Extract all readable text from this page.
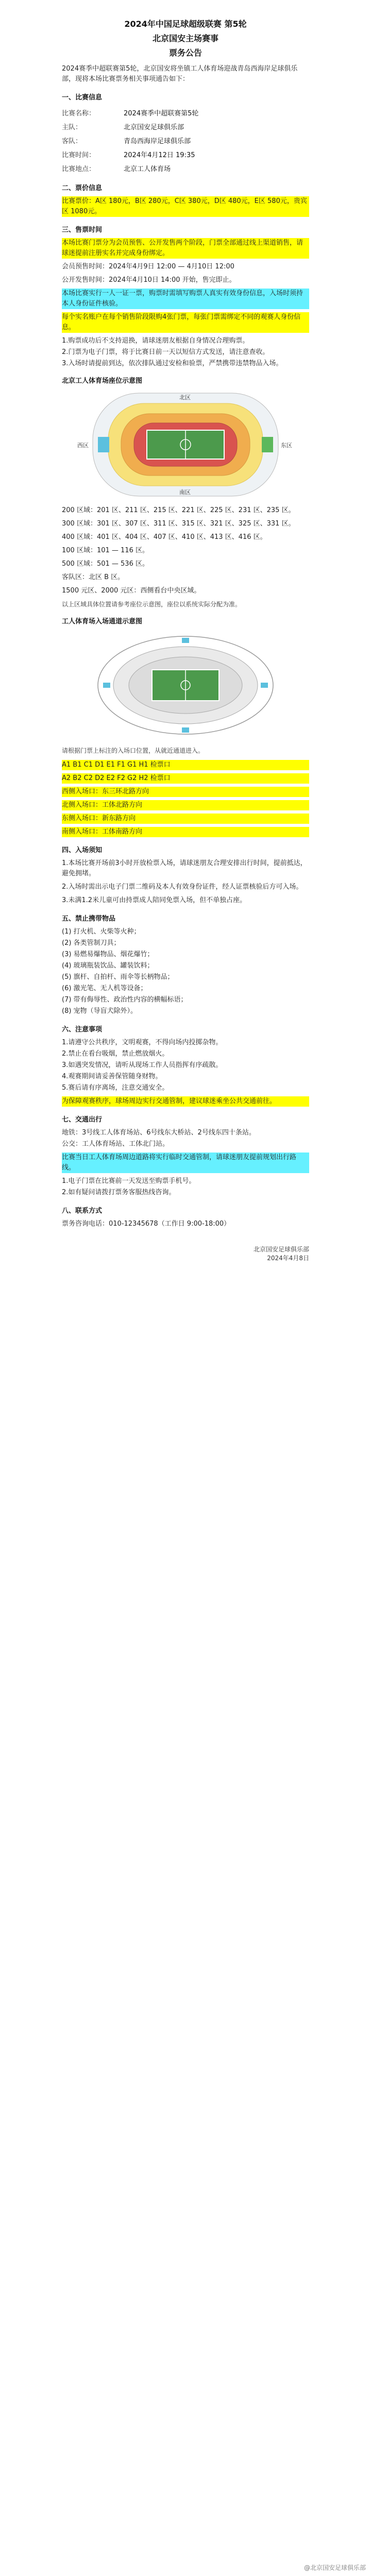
2024年中国足球超级联赛 第5轮
北京国安主场赛事
票务公告

2024赛季中超联赛第5轮，北京国安将坐镇工人体育场迎战青岛西海岸足球俱乐部，现将本场比赛票务相关事项通告如下：

一、比赛信息
比赛名称：	2024赛季中超联赛第5轮
主队：	北京国安足球俱乐部
客队：	青岛西海岸足球俱乐部
比赛时间：	2024年4月12日 19:35
比赛地点：	北京工人体育场
二、票价信息

比赛票价：A区 180元，B区 280元，C区 380元，D区 480元，E区 580元，贵宾区 1080元。

三、售票时间

本场比赛门票分为会员预售、公开发售两个阶段，门票全部通过线上渠道销售，请球迷提前注册实名并完成身份绑定。

会员预售时间：2024年4月9日 12:00 — 4月10日 12:00

公开发售时间：2024年4月10日 14:00 开始，售完即止。

本场比赛实行一人一证一票，购票时需填写购票人真实有效身份信息，入场时须持本人身份证件核验。

每个实名账户在每个销售阶段限购4张门票，每张门票需绑定不同的观赛人身份信息。

1.购票成功后不支持退换，请球迷朋友根据自身情况合理购票。

2.门票为电子门票，将于比赛日前一天以短信方式发送，请注意查收。

3.入场时请提前到达，依次排队通过安检和验票，严禁携带违禁物品入场。

北京工人体育场座位示意图
西区	东区
北区
南区

200 区域：201 区、211 区、215 区、221 区、225 区、231 区、235 区。

300 区域：301 区、307 区、311 区、315 区、321 区、325 区、331 区。

400 区域：401 区、404 区、407 区、410 区、413 区、416 区。

100 区域：101 — 116 区。

500 区域：501 — 536 区。

客队区：北区 B 区。

1500 元区、2000 元区：西侧看台中央区域。

以上区域具体位置请参考座位示意图，座位以系统实际分配为准。

工人体育场入场通道示意图

请根据门票上标注的入场口位置，从就近通道进入。

A1 B1 C1 D1 E1 F1 G1 H1 检票口

A2 B2 C2 D2 E2 F2 G2 H2 检票口

西侧入场口：东三环北路方向

北侧入场口：工体北路方向

东侧入场口：新东路方向

南侧入场口：工体南路方向

四、入场须知

1.本场比赛开场前3小时开放检票入场，请球迷朋友合理安排出行时间，提前抵达，避免拥堵。

2.入场时需出示电子门票二维码及本人有效身份证件，经人证票核验后方可入场。

3.未满1.2米儿童可由持票成人陪同免票入场，但不单独占座。

五、禁止携带物品

(1) 打火机、火柴等火种；

(2) 各类管制刀具；

(3) 易燃易爆物品、烟花爆竹；

(4) 玻璃瓶装饮品、罐装饮料；

(5) 旗杆、自拍杆、雨伞等长柄物品；

(6) 激光笔、无人机等设备；

(7) 带有侮辱性、政治性内容的横幅标语；

(8) 宠物（导盲犬除外）。

六、注意事项

1.请遵守公共秩序，文明观赛，不得向场内投掷杂物。

2.禁止在看台吸烟，禁止燃放烟火。

3.如遇突发情况，请听从现场工作人员指挥有序疏散。

4.观赛期间请妥善保管随身财物。

5.赛后请有序离场，注意交通安全。

为保障观赛秩序，球场周边实行交通管制，建议球迷乘坐公共交通前往。

七、交通出行

地铁：3号线工人体育场站、6号线东大桥站、2号线东四十条站。

公交：工人体育场站、工体北门站。

比赛当日工人体育场周边道路将实行临时交通管制，请球迷朋友提前规划出行路线。

1.电子门票在比赛前一天发送至购票手机号。

2.如有疑问请拨打票务客服热线咨询。

八、联系方式

票务咨询电话：010-12345678（工作日 9:00-18:00）

北京国安足球俱乐部
2024年4月8日
@北京国安足球俱乐部
